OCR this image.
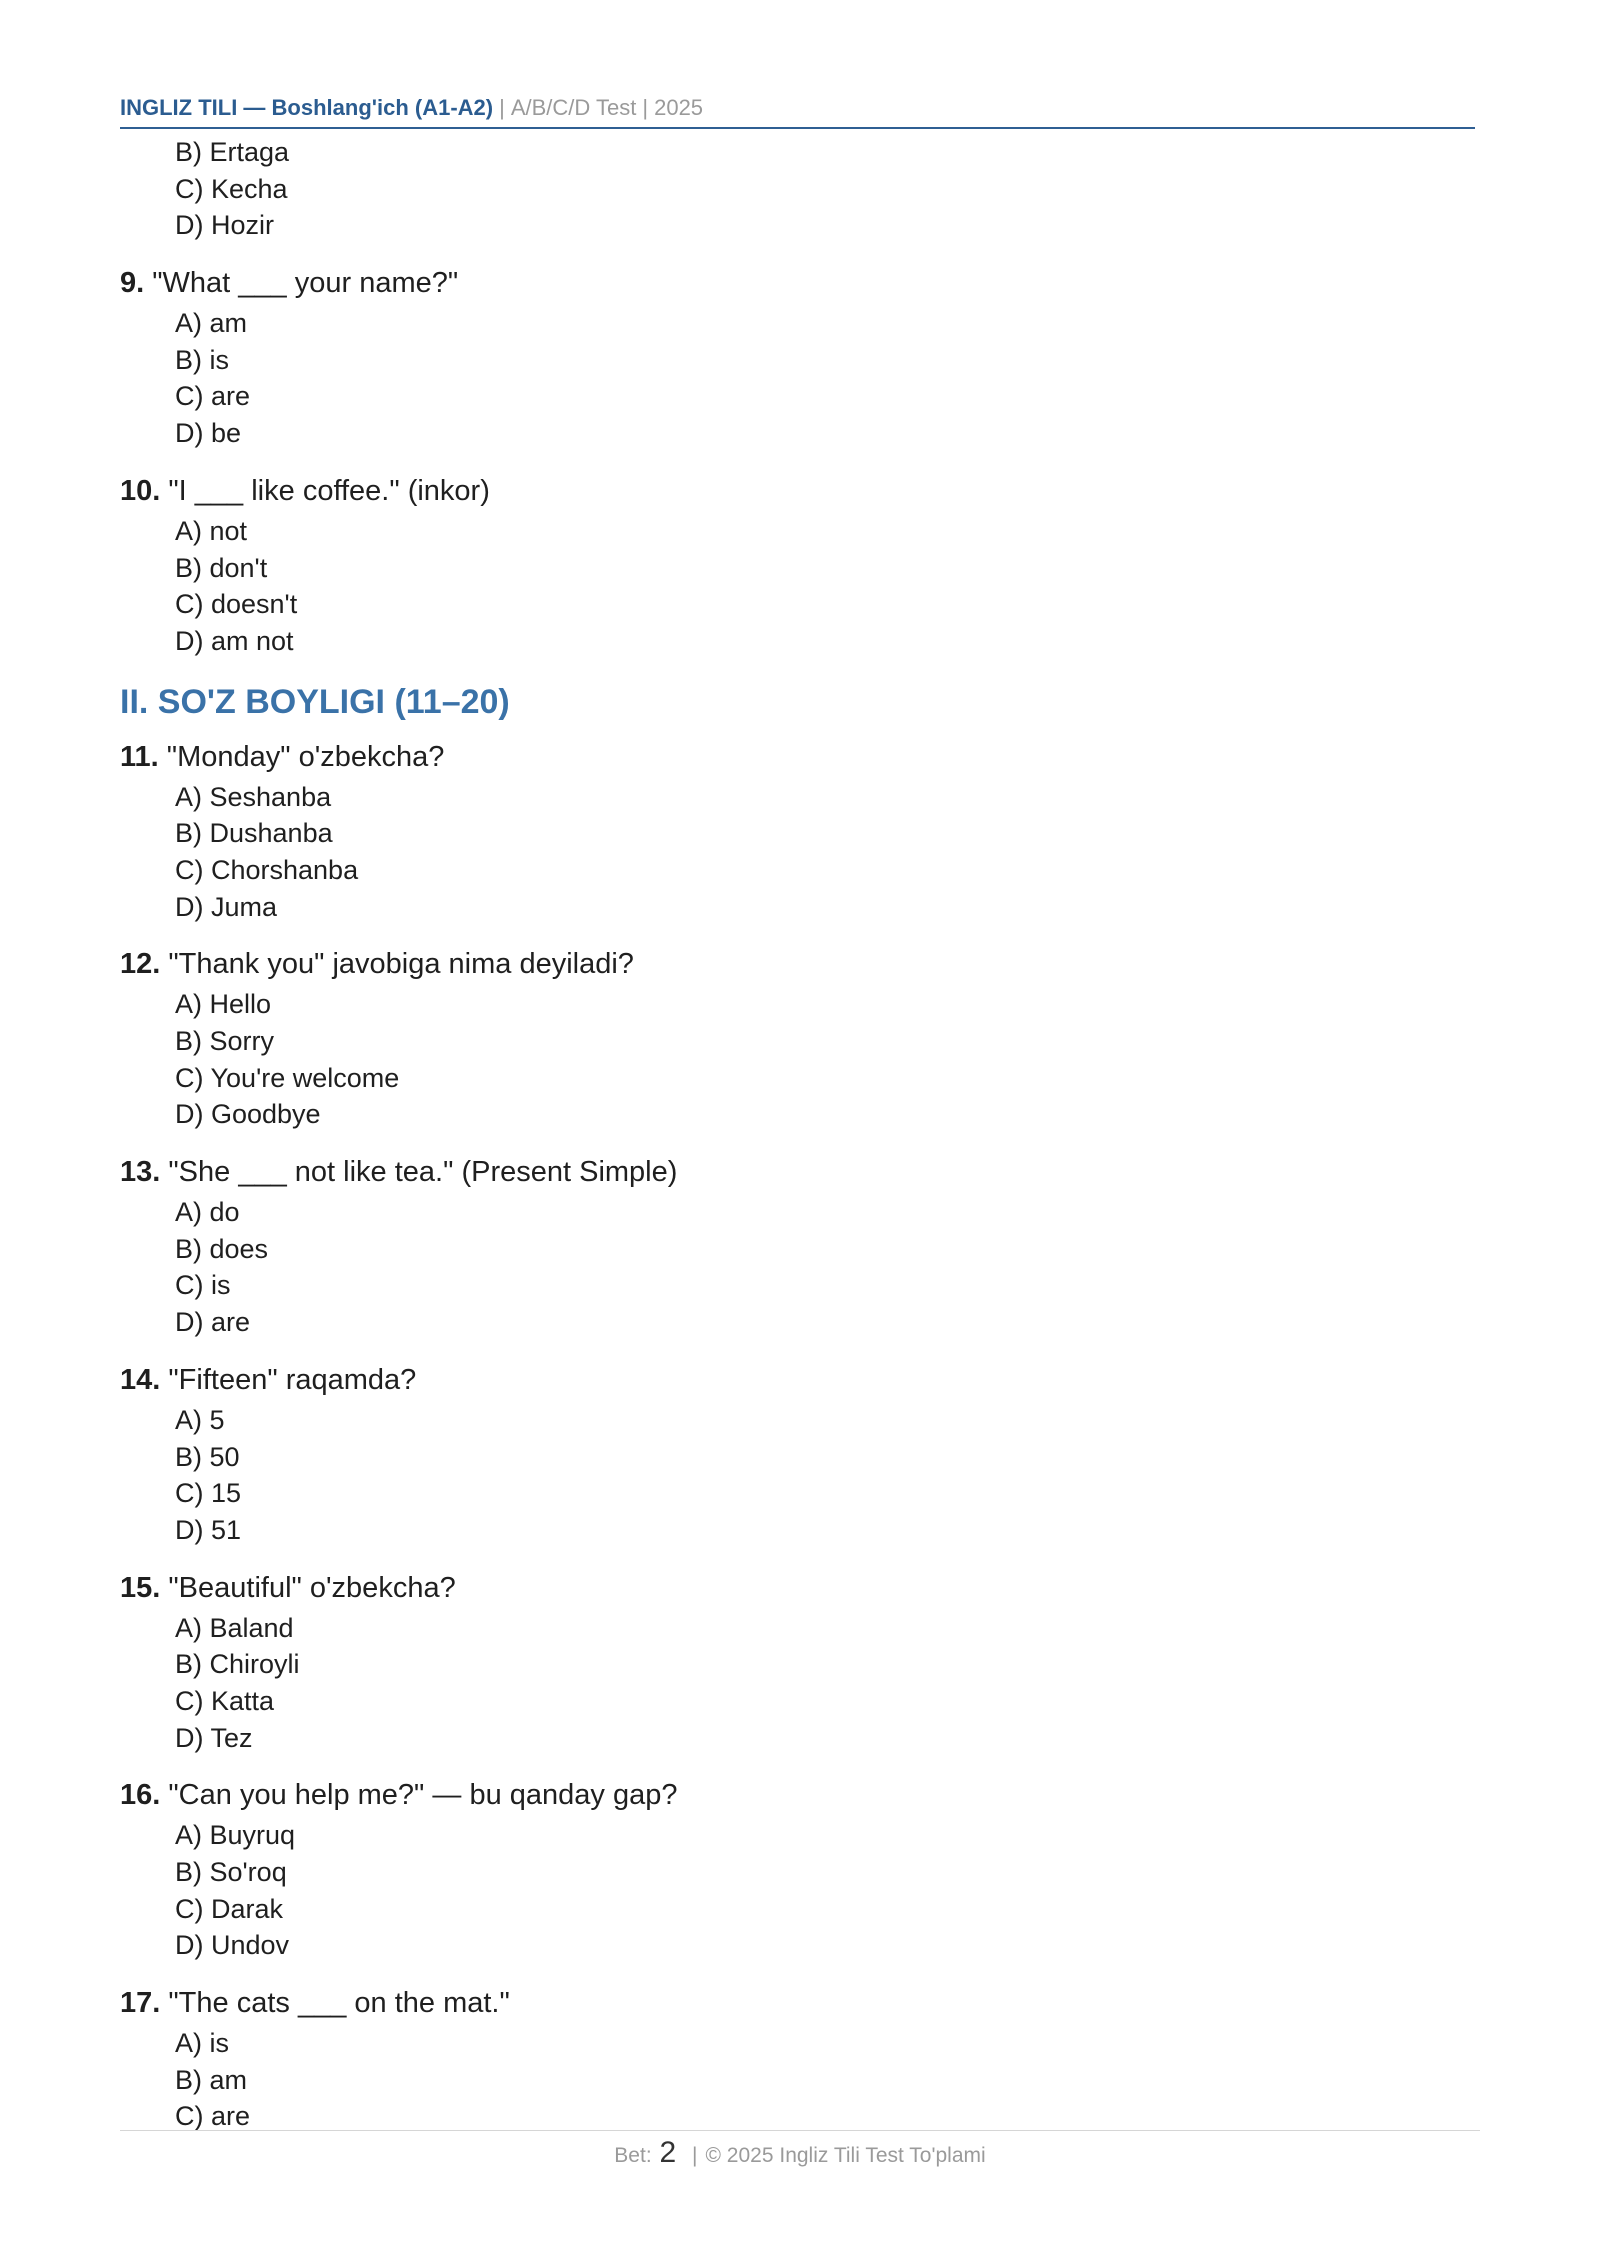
INGLIZ TILI — Boshlang'ich (A1-A2) | A/B/C/D Test | 2025
B) Ertaga
C) Kecha
D) Hozir
9. "What ___ your name?"
A) am
B) is
C) are
D) be
10. "I ___ like coffee." (inkor)
A) not
B) don't
C) doesn't
D) am not
II. SO'Z BOYLIGI (11–20)
11. "Monday" o'zbekcha?
A) Seshanba
B) Dushanba
C) Chorshanba
D) Juma
12. "Thank you" javobiga nima deyiladi?
A) Hello
B) Sorry
C) You're welcome
D) Goodbye
13. "She ___ not like tea." (Present Simple)
A) do
B) does
C) is
D) are
14. "Fifteen" raqamda?
A) 5
B) 50
C) 15
D) 51
15. "Beautiful" o'zbekcha?
A) Baland
B) Chiroyli
C) Katta
D) Tez
16. "Can you help me?" — bu qanday gap?
A) Buyruq
B) So'roq
C) Darak
D) Undov
17. "The cats ___ on the mat."
A) is
B) am
C) are
Bet: 2 | © 2025 Ingliz Tili Test To'plami
